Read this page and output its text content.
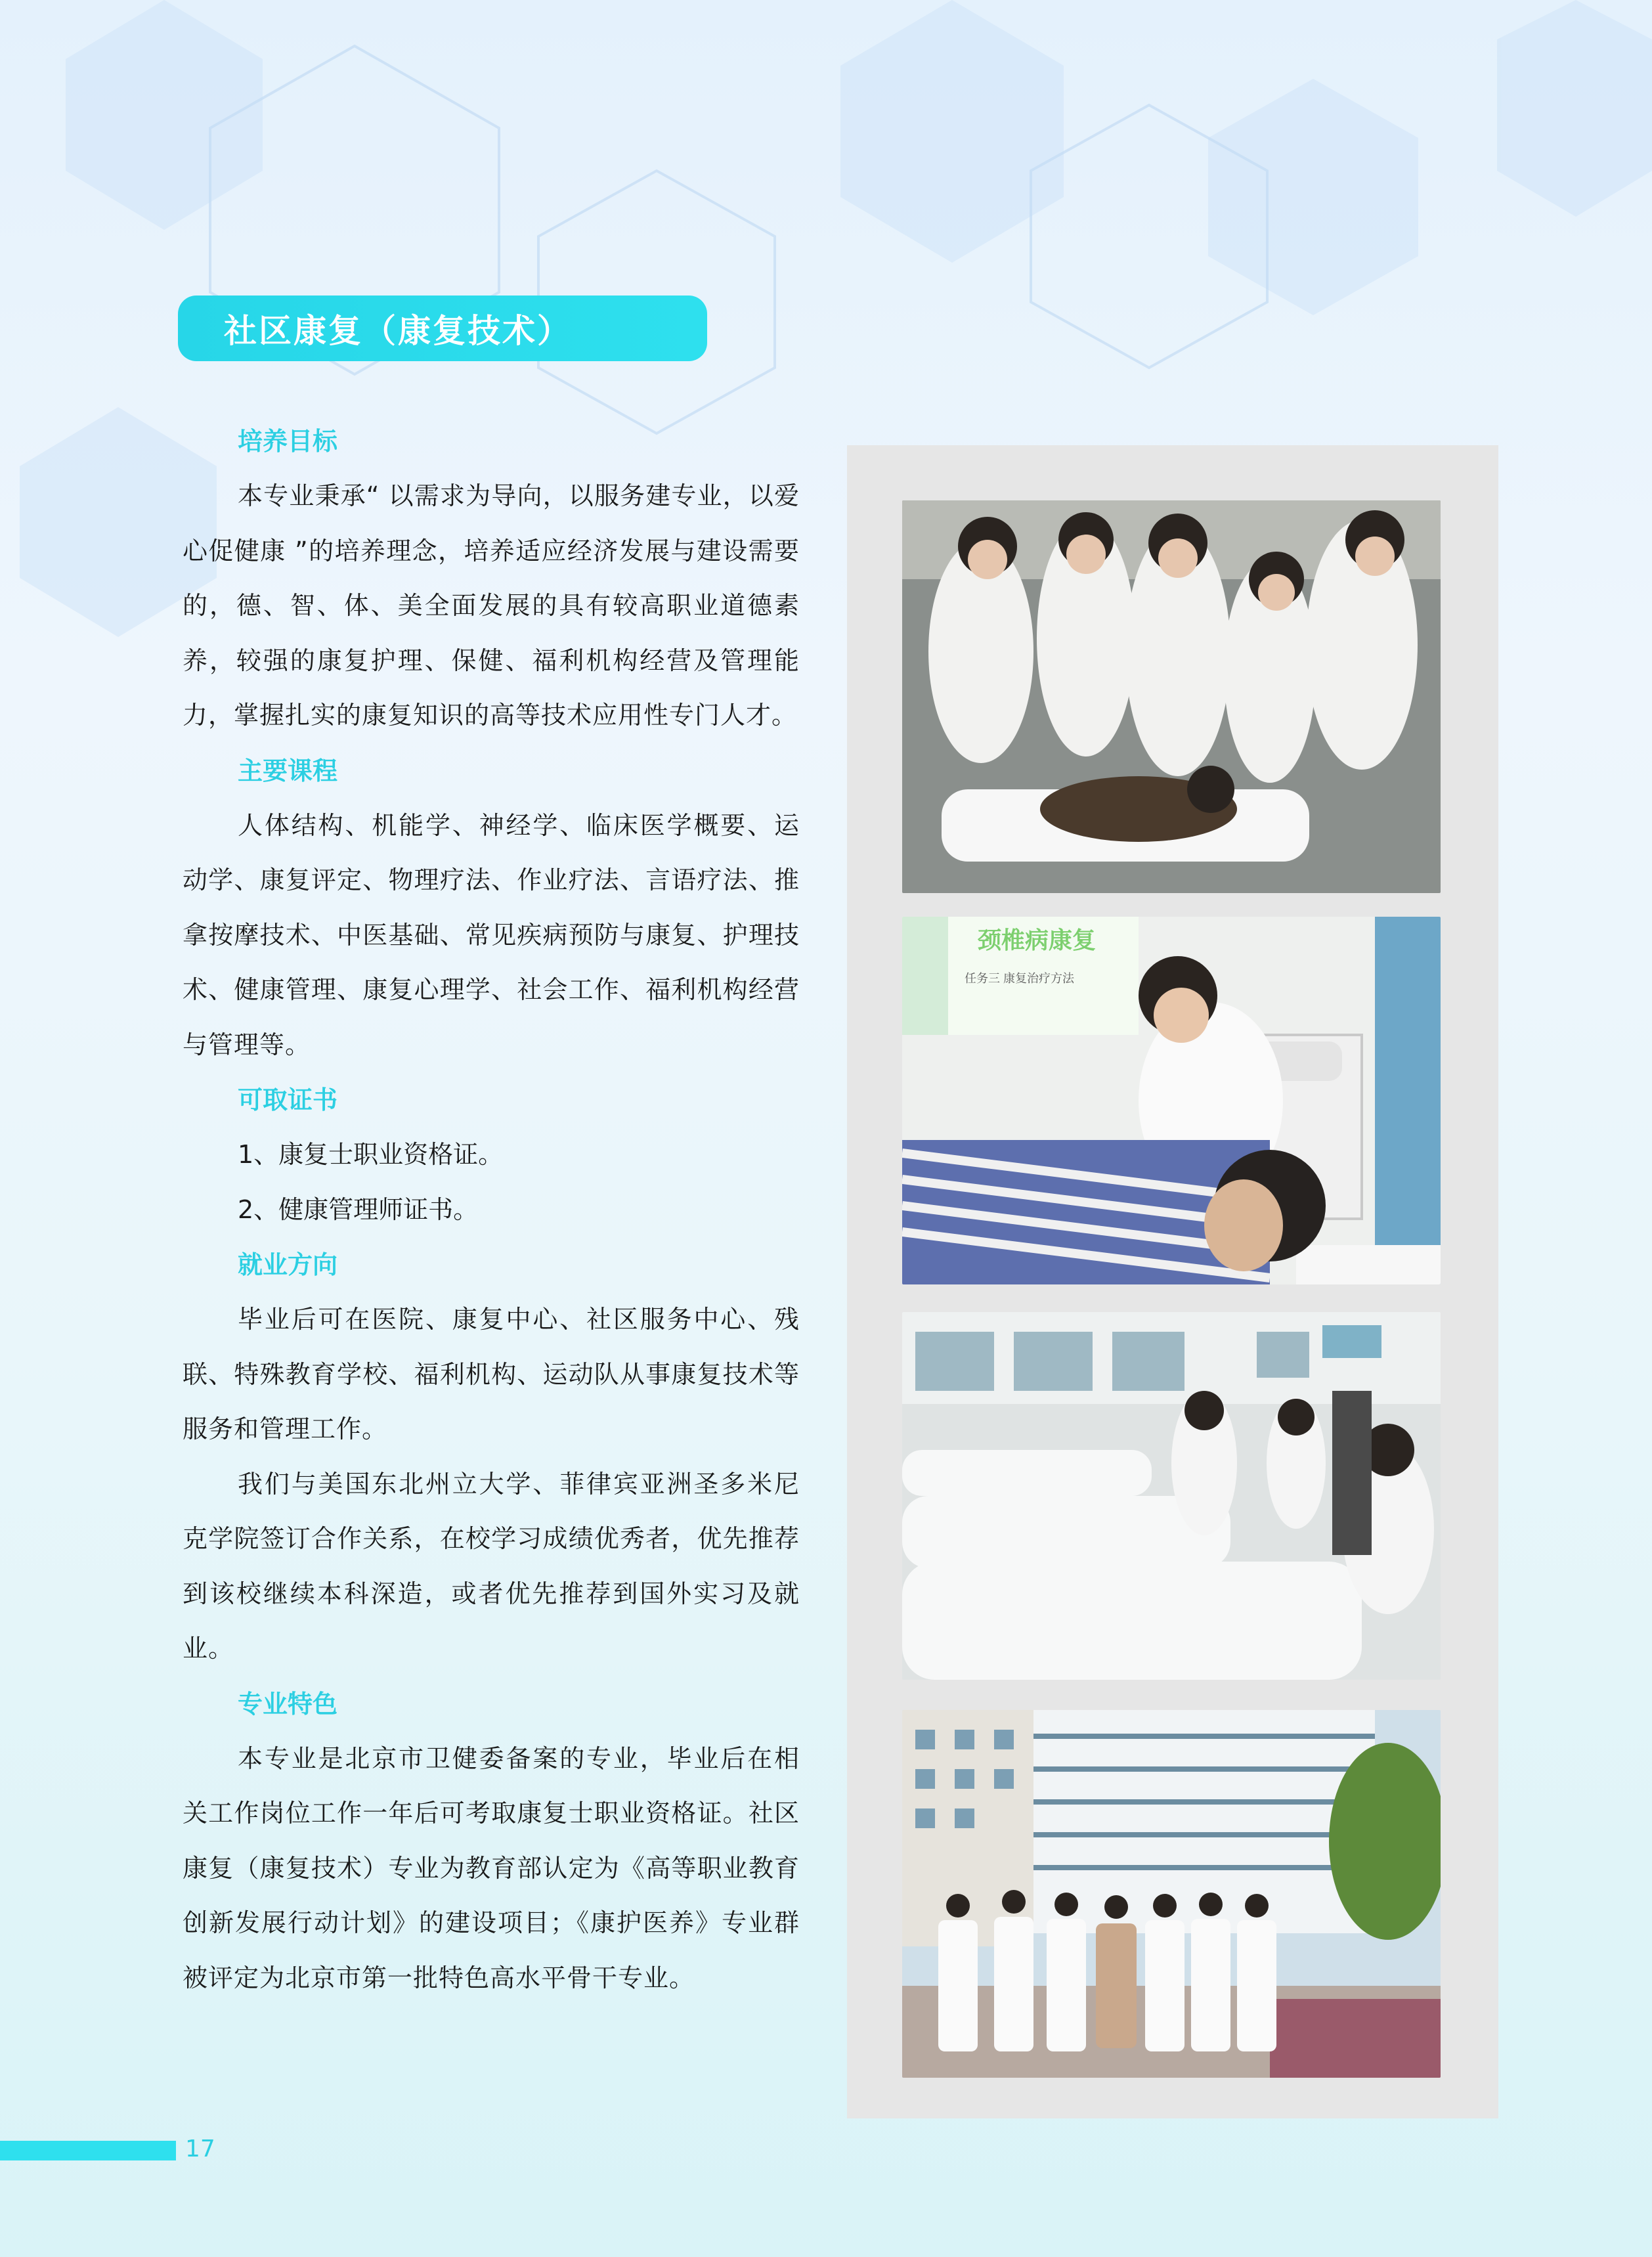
社区康复（康复技术）
培养目标

本专业秉承“ 以需求为导向，以服务建专业，以爱心促健康 ”的培养理念，培养适应经济发展与建设需要的，德、智、体、美全面发展的具有较高职业道德素养，较强的康复护理、保健、福利机构经营及管理能力，掌握扎实的康复知识的高等技术应用性专门人才。

主要课程

人体结构、机能学、神经学、临床医学概要、运动学、康复评定、物理疗法、作业疗法、言语疗法、推拿按摩技术、中医基础、常见疾病预防与康复、护理技术、健康管理、康复心理学、社会工作、福利机构经营与管理等。

可取证书

1、康复士职业资格证。

2、健康管理师证书。

就业方向

毕业后可在医院、康复中心、社区服务中心、残联、特殊教育学校、福利机构、运动队从事康复技术等服务和管理工作。

我们与美国东北州立大学、菲律宾亚洲圣多米尼克学院签订合作关系，在校学习成绩优秀者，优先推荐到该校继续本科深造，或者优先推荐到国外实习及就业。

专业特色

本专业是北京市卫健委备案的专业，毕业后在相关工作岗位工作一年后可考取康复士职业资格证。社区康复（康复技术）专业为教育部认定为《高等职业教育创新发展行动计划》的建设项目；《康护医养》专业群被评定为北京市第一批特色高水平骨干专业。

颈椎病康复
任务三 康复治疗方法
17
